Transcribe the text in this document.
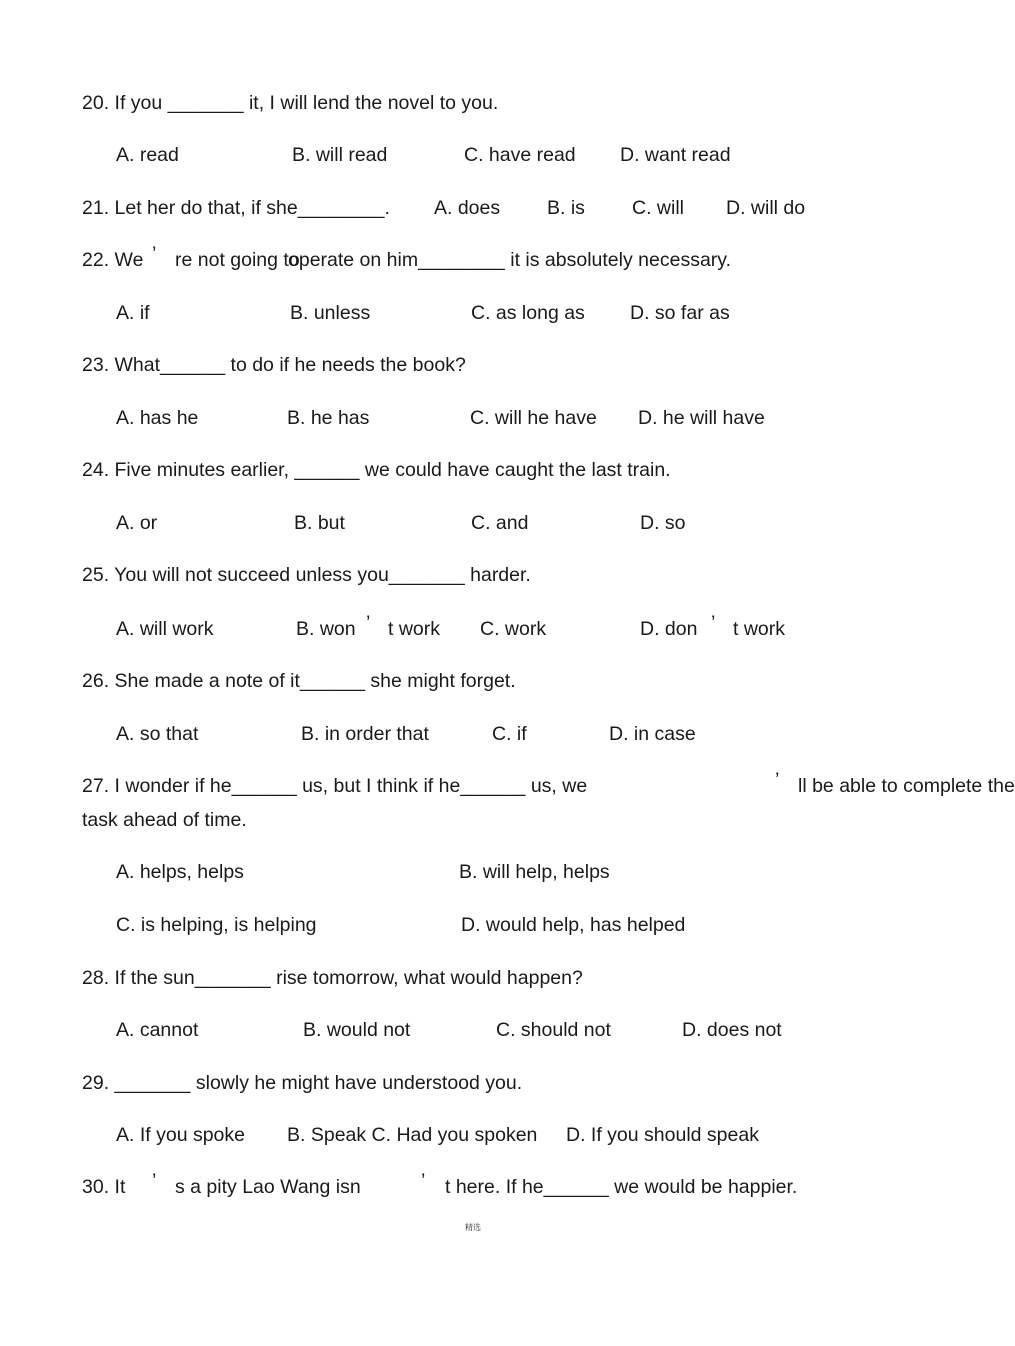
20. If you _______ it, I will lend the novel to you.
A. read	B. will read	C. have read D. want read
21. Let her do that, if she________. A. does B. is C. will D. will do
22. We ’ re not going to
operate on him________ it is absolutely necessary.
A. if	B. unless	C. as long as D. so far as
23. What______ to do if he needs the book?
A. has he	B. he has	C. will he have D. he will have
24. Five minutes earlier, ______ we could have caught the last train.
A. or	B. but	C. and	D. so
25. You will not succeed unless you_______ harder.
A. will work	B. won ’ t work C. work	D. don ’ t work
26. She made a note of it______ she might forget.
A. so that	B. in order that	C. if	D. in case
27. I wonder if he______ us, but I think if he______ us, we	’ ll be able to complete the
task ahead of time.
A. helps, helps	B. will help, helps
C. is helping, is helping	D. would help, has helped
28. If the sun_______ rise tomorrow, what would happen?
A. cannot	B. would not	C. should not	D. does not
29. _______ slowly he might have understood you.
A. If you spoke B. Speak C. Had you spoken D. If you should speak
30. It ’ s a pity Lao Wang isn	’ t here. If he______ we would be happier.
精选
